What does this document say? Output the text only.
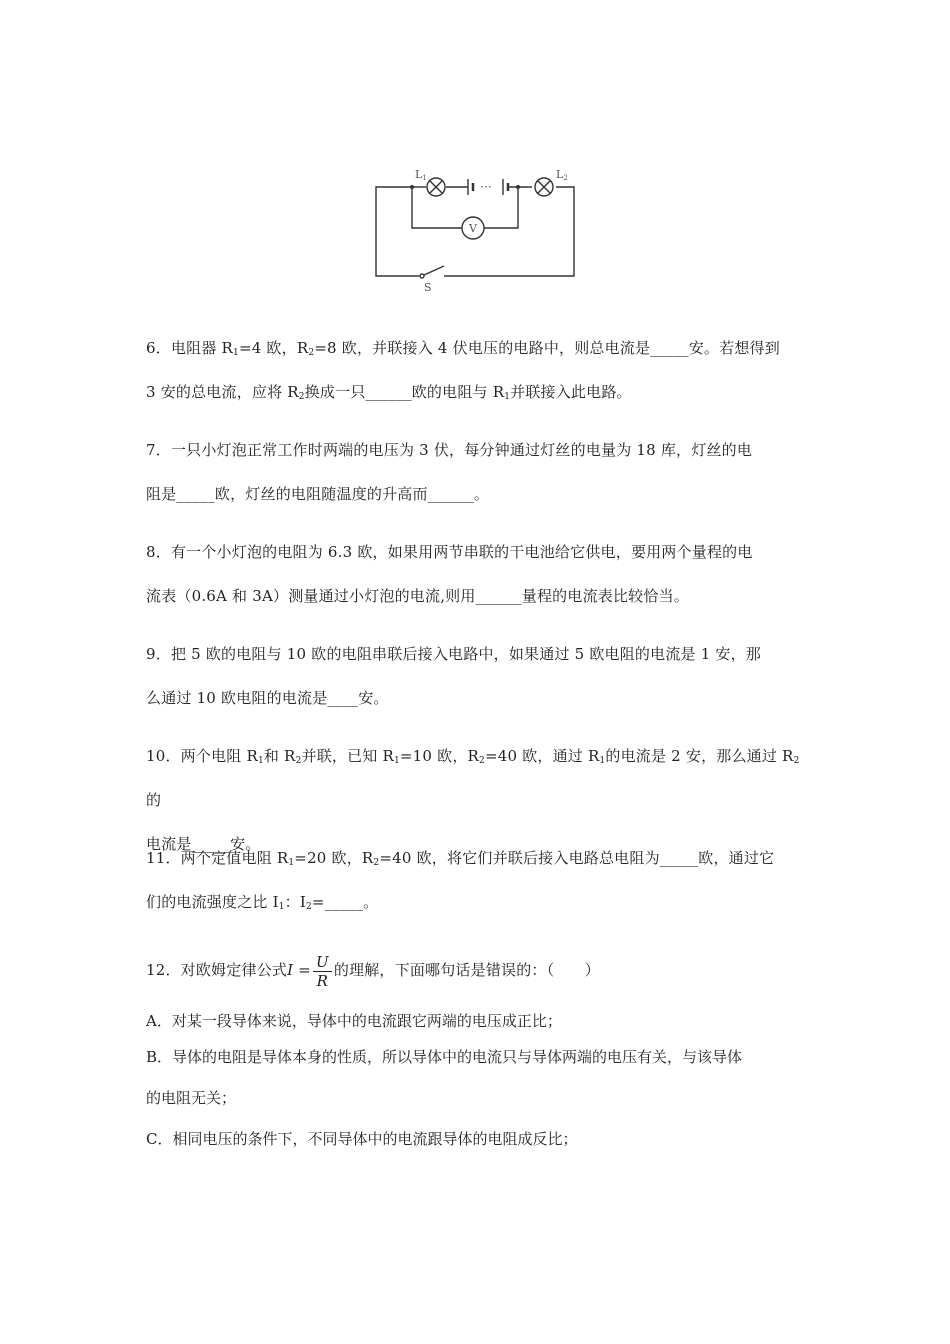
L1	L2
V
···
S

6．电阻器 $R_1=4$ 欧，$R_2=8$ 欧，并联接入 4 伏电压的电路中，则总电流是_____安。若想得到

3 安的总电流，应将 $R_2$换成一只______欧的电阻与 $R_1$并联接入此电路。

7．一只小灯泡正常工作时两端的电压为 3 伏，每分钟通过灯丝的电量为 18 库，灯丝的电

阻是_____欧，灯丝的电阻随温度的升高而______。

8．有一个小灯泡的电阻为 6.3 欧，如果用两节串联的干电池给它供电，要用两个量程的电

流表（0.6A 和 3A）测量通过小灯泡的电流,则用______量程的电流表比较恰当。

9．把 5 欧的电阻与 10 欧的电阻串联后接入电路中，如果通过 5 欧电阻的电流是 1 安，那

么通过 10 欧电阻的电流是____安。

10．两个电阻 $R_1$和 $R_2$并联，已知 $R_1=10$ 欧，$R_2=40$ 欧，通过 $R_1$的电流是 2 安，那么通过 $R_2$的

电流是_____安。

11．两个定值电阻 $R_1=20$ 欧，$R_2=40$ 欧，将它们并联后接入电路总电阻为_____欧，通过它

们的电流强度之比 $I_1$：$I_2=\_\_\_\_\_$。

12．对欧姆定律公式$I = \frac{U}{R}$ 的理解，下面哪句话是错误的：（　　）

A．对某一段导体来说，导体中的电流跟它两端的电压成正比；

B．导体的电阻是导体本身的性质，所以导体中的电流只与导体两端的电压有关，与该导体

的电阻无关；

C．相同电压的条件下，不同导体中的电流跟导体的电阻成反比；
